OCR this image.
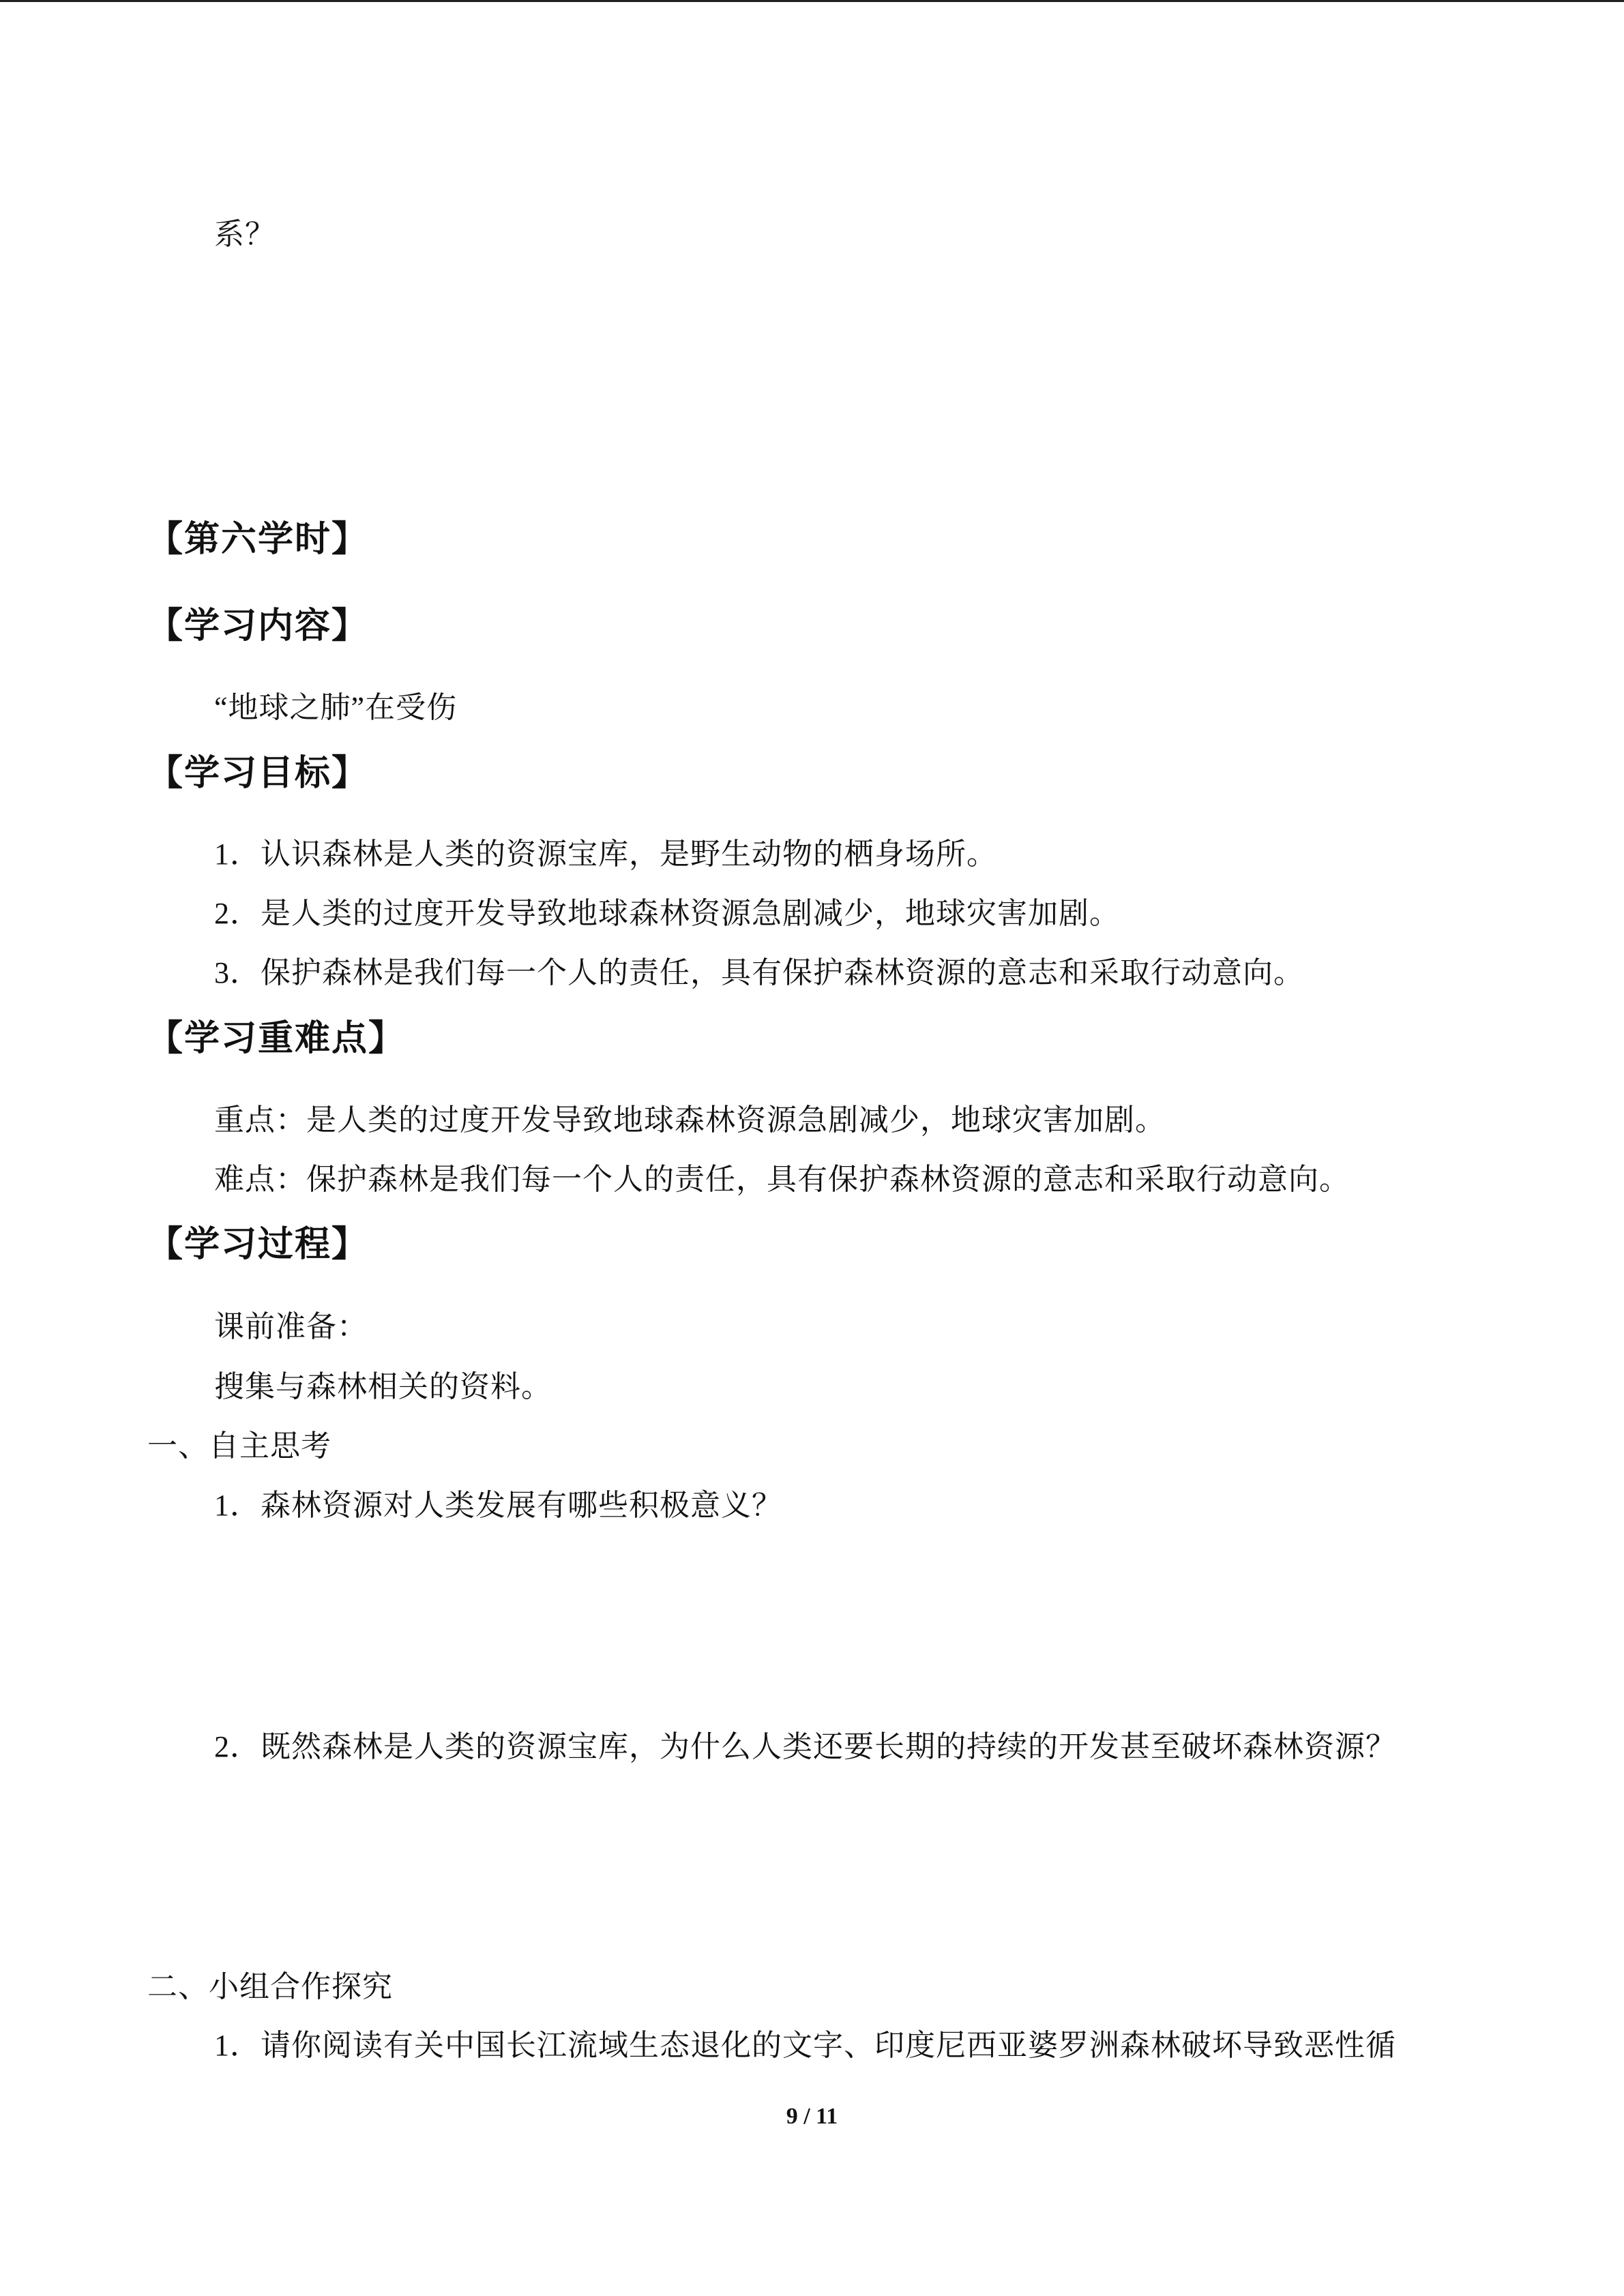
系？
【第六学时】
【学习内容】
“地球之肺”在受伤
【学习目标】
1．认识森林是人类的资源宝库，是野生动物的栖身场所。
2．是人类的过度开发导致地球森林资源急剧减少，地球灾害加剧。
3．保护森林是我们每一个人的责任，具有保护森林资源的意志和采取行动意向。
【学习重难点】
重点：是人类的过度开发导致地球森林资源急剧减少，地球灾害加剧。
难点：保护森林是我们每一个人的责任，具有保护森林资源的意志和采取行动意向。
【学习过程】
课前准备：
搜集与森林相关的资料。
一、自主思考
1．森林资源对人类发展有哪些积极意义？
2．既然森林是人类的资源宝库，为什么人类还要长期的持续的开发甚至破坏森林资源？
二、小组合作探究
1．请你阅读有关中国长江流域生态退化的文字、印度尼西亚婆罗洲森林破坏导致恶性循
9 / 11
